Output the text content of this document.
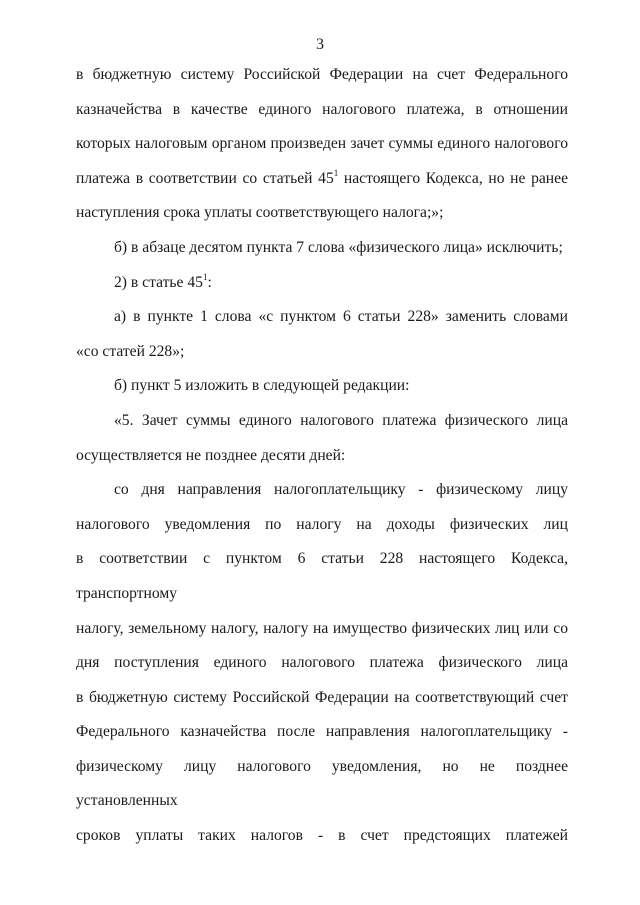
3

в бюджетную систему Российской Федерации на счет Федерального

казначейства в качестве единого налогового платежа, в отношении

которых налоговым органом произведен зачет суммы единого налогового

платежа в соответствии со статьей $45^1$ настоящего Кодекса, но не ранее

наступления срока уплаты соответствующего налога;»;

б) в абзаце десятом пункта 7 слова «физического лица» исключить;

2) в статье $45^1$:

а) в пункте 1 слова «с пунктом 6 статьи 228» заменить словами

«со статей 228»;

б) пункт 5 изложить в следующей редакции:

«5. Зачет суммы единого налогового платежа физического лица

осуществляется не позднее десяти дней:

со дня направления налогоплательщику - физическому лицу

налогового уведомления по налогу на доходы физических лиц

в соответствии с пунктом 6 статьи 228 настоящего Кодекса, транспортному

налогу, земельному налогу, налогу на имущество физических лиц или со

дня поступления единого налогового платежа физического лица

в бюджетную систему Российской Федерации на соответствующий счет

Федерального казначейства после направления налогоплательщику -

физическому лицу налогового уведомления, но не позднее установленных

сроков уплаты таких налогов - в счет предстоящих платежей
